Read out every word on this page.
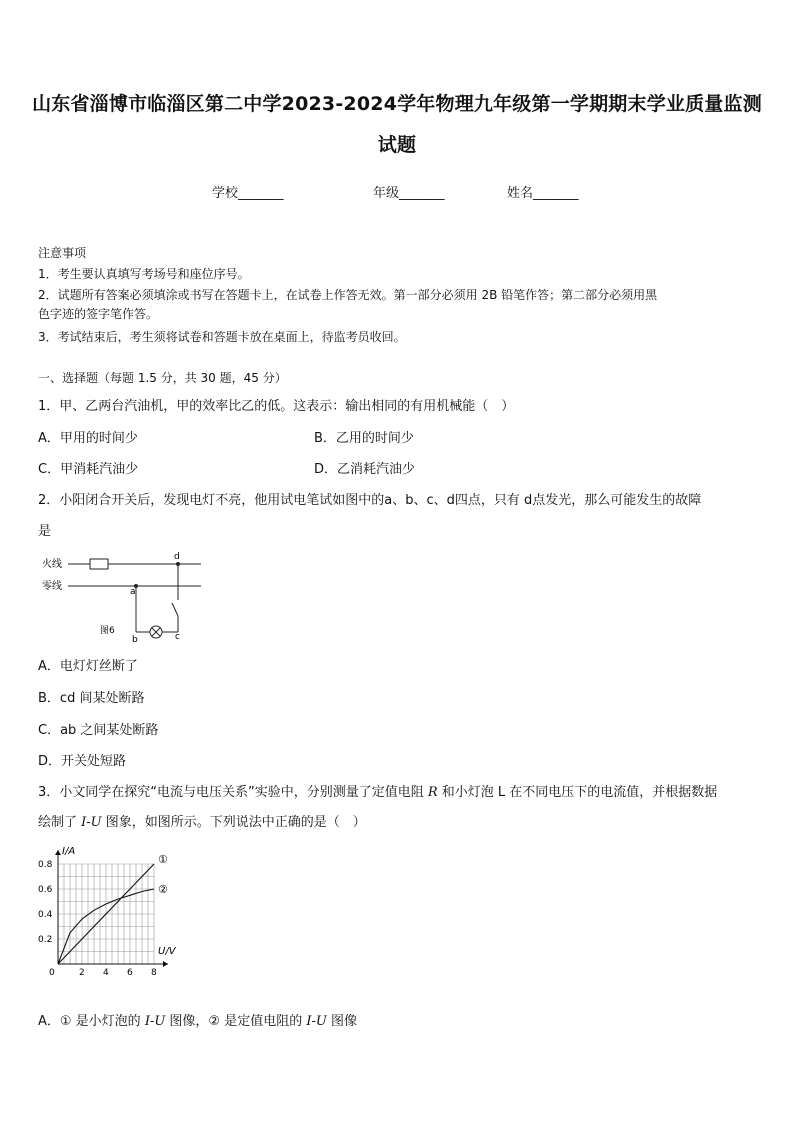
山东省淄博市临淄区第二中学2023-2024学年物理九年级第一学期期末学业质量监测
试题
学校_______	年级_______	姓名_______
注意事项
1．考生要认真填写考场号和座位序号。
2．试题所有答案必须填涂或书写在答题卡上，在试卷上作答无效。第一部分必须用 2B 铅笔作答；第二部分必须用黑
色字迹的签字笔作答。
3．考试结束后，考生须将试卷和答题卡放在桌面上，待监考员收回。
一、选择题（每题 1.5 分，共 30 题，45 分）
1．甲、乙两台汽油机，甲的效率比乙的低。这表示：输出相同的有用机械能（　）
A．甲用的时间少	B．乙用的时间少
C．甲消耗汽油少	D．乙消耗汽油少
2．小阳闭合开关后，发现电灯不亮，他用试电笔试如图中的a、b、c、d四点，只有 d点发光，那么可能发生的故障
是
火线
零线	a
b	c
d
图6
A．电灯灯丝断了
B．cd 间某处断路
C．ab 之间某处断路
D．开关处短路
3．小文同学在探究“电流与电压关系”实验中，分别测量了定值电阻 R 和小灯泡 L 在不同电压下的电流值，并根据数据
绘制了 I-U 图象，如图所示。下列说法中正确的是（　）
0	2 4 6 8
0.2
0.4
0.6
0.8
I/A
U/V
①
②
A．① 是小灯泡的 I-U 图像，② 是定值电阻的 I-U 图像
